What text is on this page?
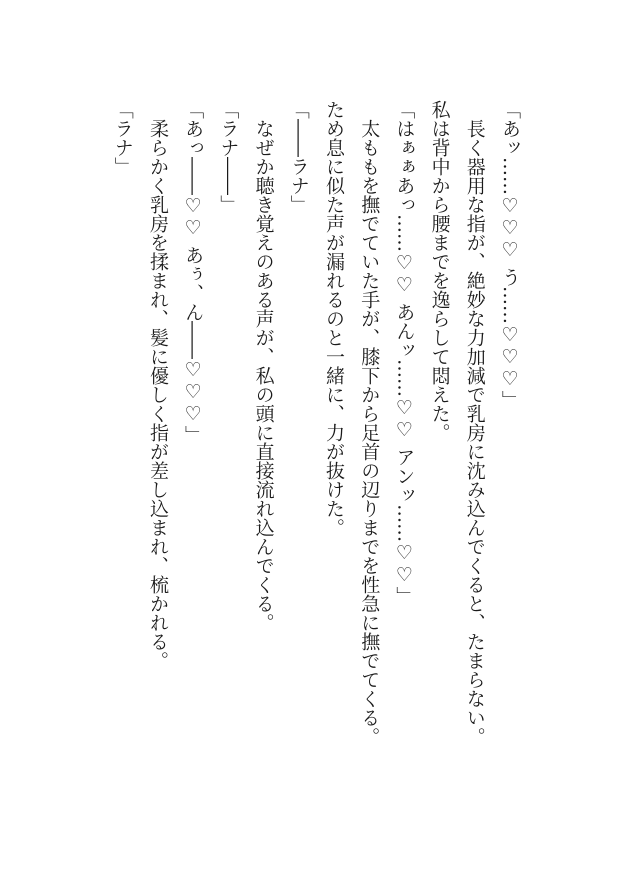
「あッ……♡♡♡ う……♡♡♡」
長く器用な指が、絶妙な力加減で乳房に沈み込んでくると、たまらない。
私は背中から腰までを逸らして悶えた。
「はぁぁあっ……♡♡ あんッ……♡♡ アンッ……♡♡」
太ももを撫でていた手が、膝下から足首の辺りまでを性急に撫でてくる。
ため息に似た声が漏れるのと一緒に、力が抜けた。
「――ラナ」
なぜか聴き覚えのある声が、私の頭に直接流れ込んでくる。
「ラナ――」
「あっ――♡♡ あぅ、ん――♡♡♡」
柔らかく乳房を揉まれ、髪に優しく指が差し込まれ、梳かれる。
「ラナ」
